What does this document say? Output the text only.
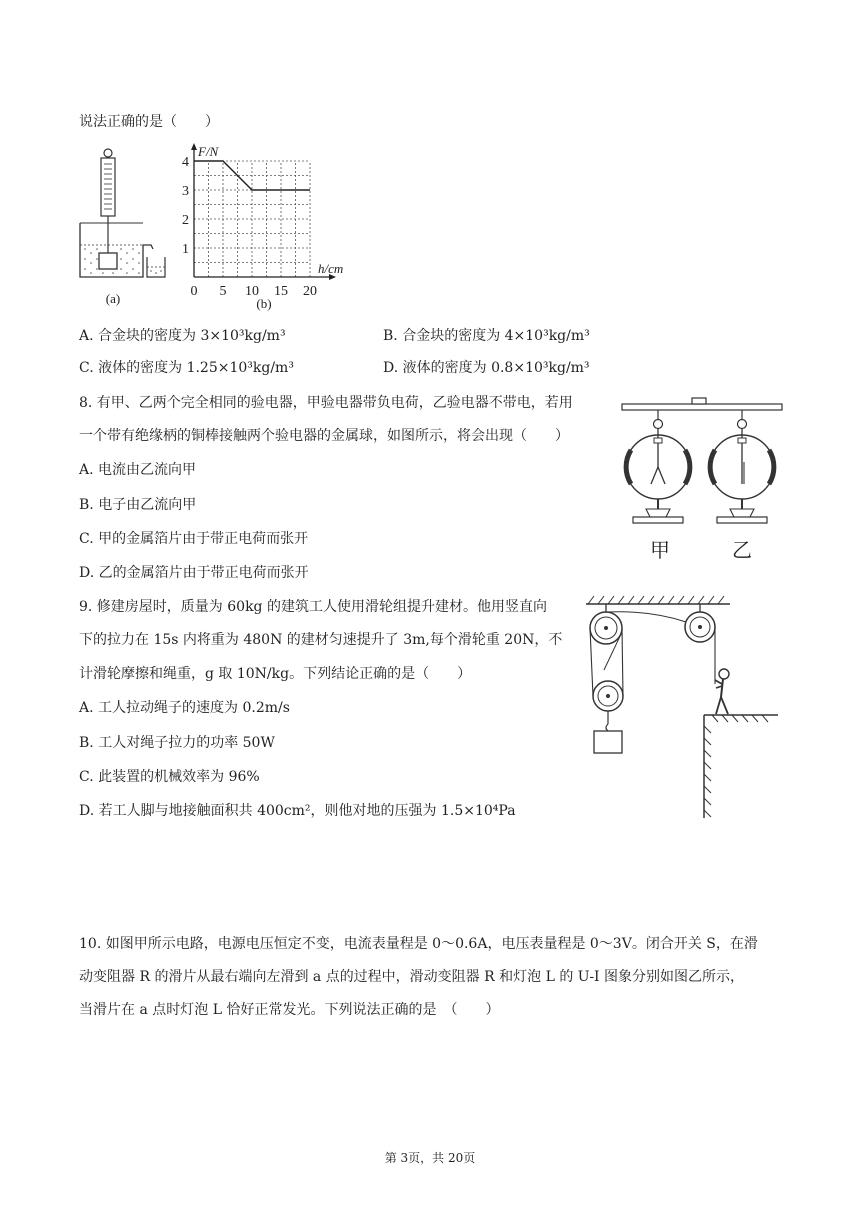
说法正确的是（　　）
(a)
F/N
h/cm
(b)
1
2
3
4
0 5 10 15 20
A. 合金块的密度为 3×10³kg/m³	B. 合金块的密度为 4×10³kg/m³
C. 液体的密度为 1.25×10³kg/m³	D. 液体的密度为 0.8×10³kg/m³
8. 有甲、乙两个完全相同的验电器，甲验电器带负电荷，乙验电器不带电，若用
一个带有绝缘柄的铜棒接触两个验电器的金属球，如图所示，将会出现（　　）
A. 电流由乙流向甲
B. 电子由乙流向甲
C. 甲的金属箔片由于带正电荷而张开
D. 乙的金属箔片由于带正电荷而张开
甲	乙
9. 修建房屋时，质量为 60kg 的建筑工人使用滑轮组提升建材。他用竖直向
下的拉力在 15s 内将重为 480N 的建材匀速提升了 3m,每个滑轮重 20N，不
计滑轮摩擦和绳重，g 取 10N/kg。下列结论正确的是（　　）
A. 工人拉动绳子的速度为 0.2m/s
B. 工人对绳子拉力的功率 50W
C. 此装置的机械效率为 96%
D. 若工人脚与地接触面积共 400cm²，则他对地的压强为 1.5×10⁴Pa
10. 如图甲所示电路，电源电压恒定不变，电流表量程是 0～0.6A，电压表量程是 0～3V。闭合开关 S，在滑
动变阻器 R 的滑片从最右端向左滑到 a 点的过程中，滑动变阻器 R 和灯泡 L 的 U-I 图象分别如图乙所示，
当滑片在 a 点时灯泡 L 恰好正常发光。下列说法正确的是　（　　）
第 3页，共 20页
